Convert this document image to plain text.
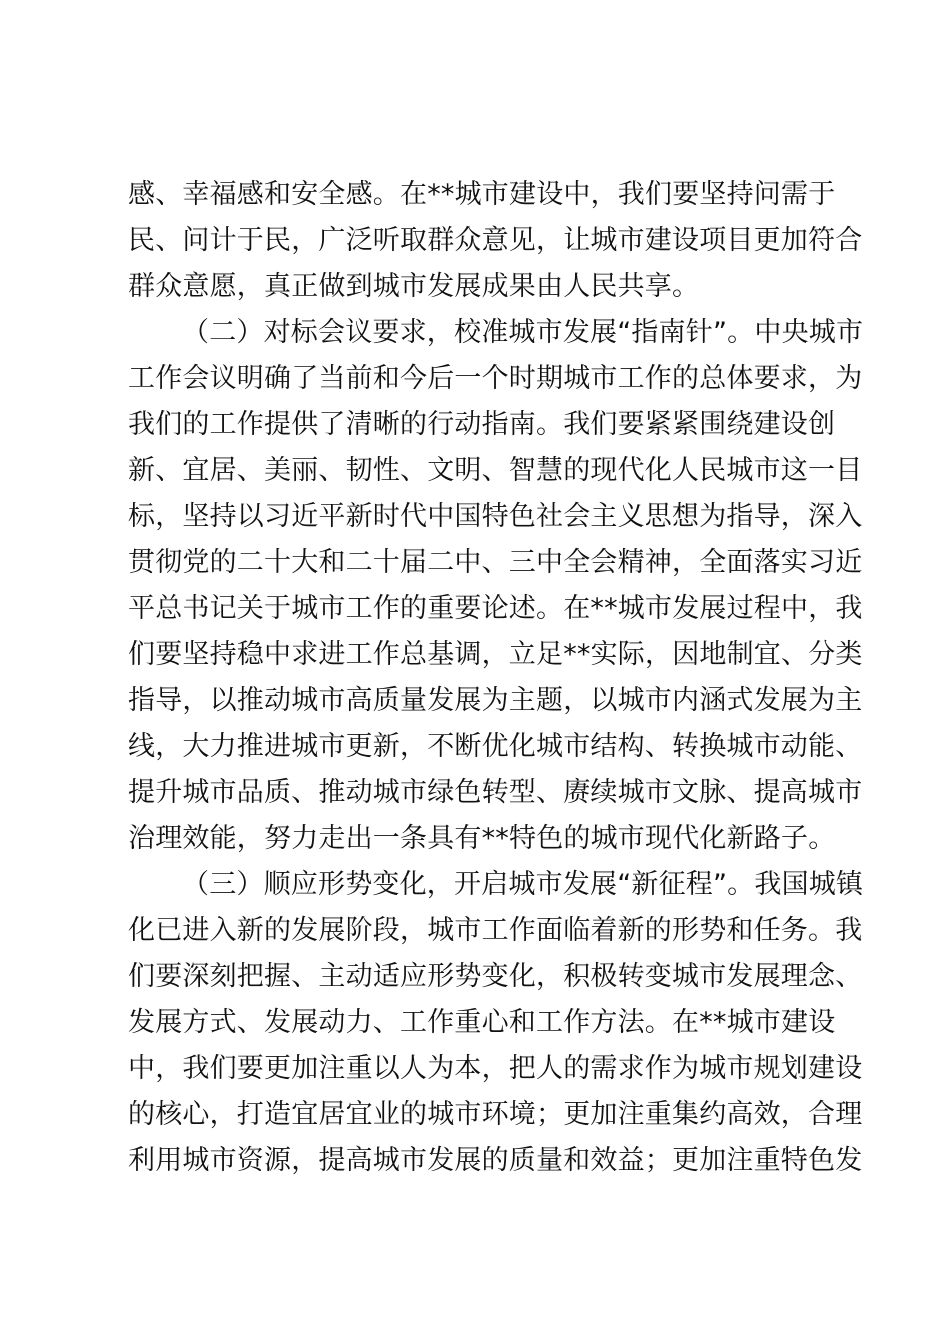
感、幸福感和安全感。在**城市建设中，我们要坚持问需于
民、问计于民，广泛听取群众意见，让城市建设项目更加符合
群众意愿，真正做到城市发展成果由人民共享。
（二）对标会议要求，校准城市发展“指南针”。中央城市
工作会议明确了当前和今后一个时期城市工作的总体要求，为
我们的工作提供了清晰的行动指南。我们要紧紧围绕建设创
新、宜居、美丽、韧性、文明、智慧的现代化人民城市这一目
标，坚持以习近平新时代中国特色社会主义思想为指导，深入
贯彻党的二十大和二十届二中、三中全会精神，全面落实习近
平总书记关于城市工作的重要论述。在**城市发展过程中，我
们要坚持稳中求进工作总基调，立足**实际，因地制宜、分类
指导，以推动城市高质量发展为主题，以城市内涵式发展为主
线，大力推进城市更新，不断优化城市结构、转换城市动能、
提升城市品质、推动城市绿色转型、赓续城市文脉、提高城市
治理效能，努力走出一条具有**特色的城市现代化新路子。
（三）顺应形势变化，开启城市发展“新征程”。我国城镇
化已进入新的发展阶段，城市工作面临着新的形势和任务。我
们要深刻把握、主动适应形势变化，积极转变城市发展理念、
发展方式、发展动力、工作重心和工作方法。在**城市建设
中，我们要更加注重以人为本，把人的需求作为城市规划建设
的核心，打造宜居宜业的城市环境；更加注重集约高效，合理
利用城市资源，提高城市发展的质量和效益；更加注重特色发
